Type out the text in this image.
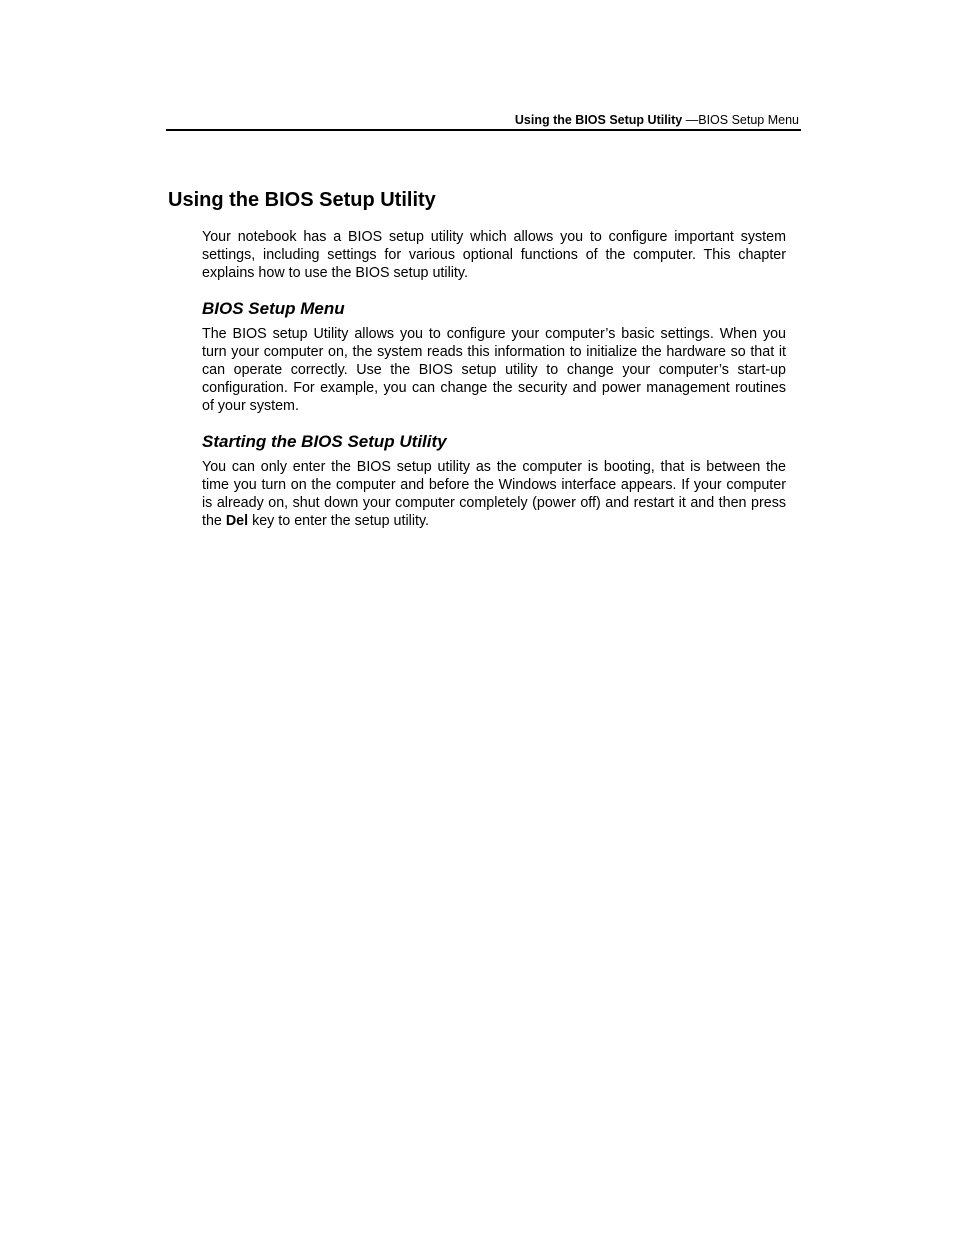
Using the BIOS Setup Utility —BIOS Setup Menu
Using the BIOS Setup Utility

Your notebook has a BIOS setup utility which allows you to configure important system settings, including settings for various optional functions of the computer. This chapter explains how to use the BIOS setup utility.

BIOS Setup Menu

The BIOS setup Utility allows you to configure your computer’s basic settings. When you turn your computer on, the system reads this information to initialize the hardware so that it can operate correctly. Use the BIOS setup utility to change your computer’s start-up configuration. For example, you can change the security and power management routines of your system.

Starting the BIOS Setup Utility

You can only enter the BIOS setup utility as the computer is booting, that is between the time you turn on the computer and before the Windows interface appears. If your computer is already on, shut down your computer completely (power off) and restart it and then press the Del key to enter the setup utility.
